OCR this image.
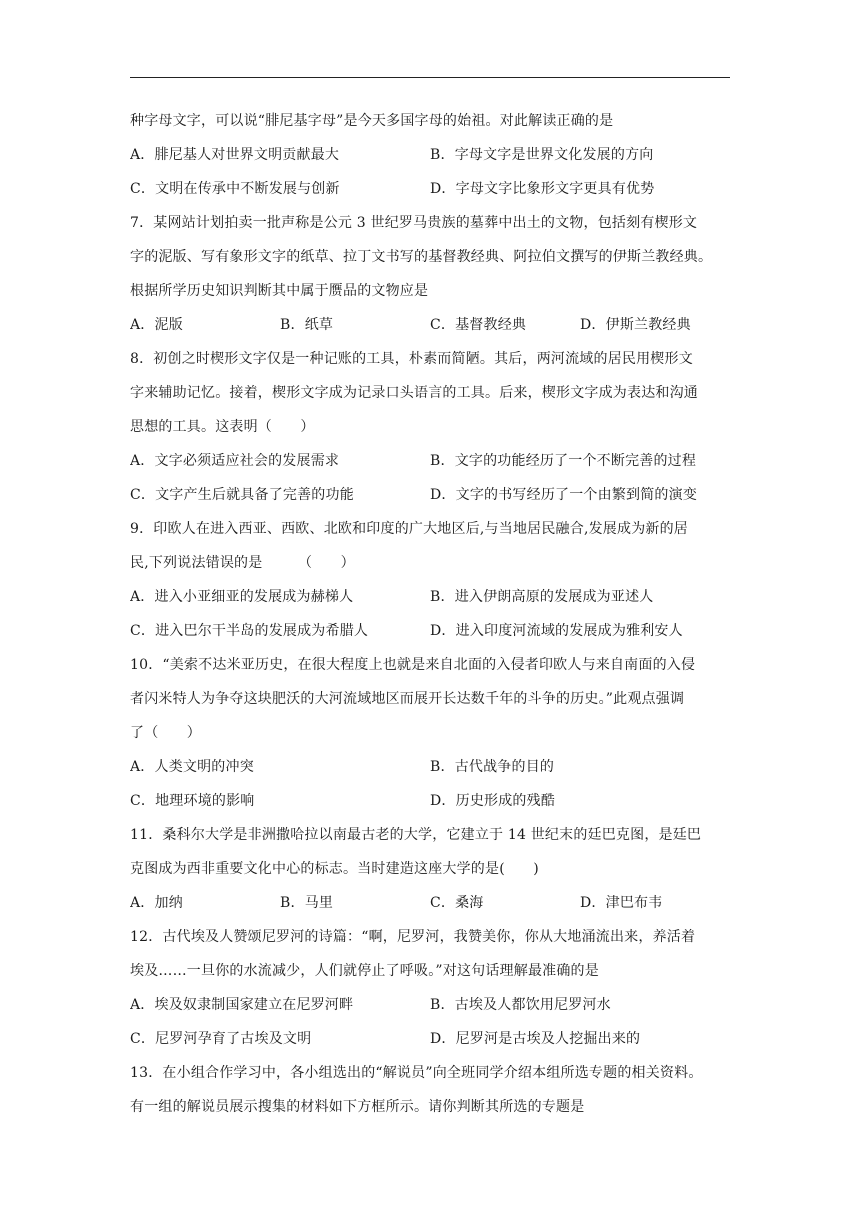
种字母文字，可以说“腓尼基字母”是今天多国字母的始祖。对此解读正确的是
A．腓尼基人对世界文明贡献最大	B．字母文字是世界文化发展的方向
C．文明在传承中不断发展与创新	D．字母文字比象形文字更具有优势
7．某网站计划拍卖一批声称是公元 3 世纪罗马贵族的墓葬中出土的文物，包括刻有楔形文
字的泥版、写有象形文字的纸草、拉丁文书写的基督教经典、阿拉伯文撰写的伊斯兰教经典。
根据所学历史知识判断其中属于赝品的文物应是
A．泥版	B．纸草	C．基督教经典	D．伊斯兰教经典
8．初创之时楔形文字仅是一种记账的工具，朴素而简陋。其后，两河流域的居民用楔形文
字来辅助记忆。接着，楔形文字成为记录口头语言的工具。后来，楔形文字成为表达和沟通
思想的工具。这表明（　　）
A．文字必须适应社会的发展需求	B．文字的功能经历了一个不断完善的过程
C．文字产生后就具备了完善的功能	D．文字的书写经历了一个由繁到简的演变
9．印欧人在进入西亚、西欧、北欧和印度的广大地区后,与当地居民融合,发展成为新的居
民,下列说法错误的是　　　（　　）
A．进入小亚细亚的发展成为赫梯人	B．进入伊朗高原的发展成为亚述人
C．进入巴尔干半岛的发展成为希腊人	D．进入印度河流域的发展成为雅利安人
10．“美索不达米亚历史，在很大程度上也就是来自北面的入侵者印欧人与来自南面的入侵
者闪米特人为争夺这块肥沃的大河流域地区而展开长达数千年的斗争的历史。”此观点强调
了（　　）
A．人类文明的冲突	B．古代战争的目的
C．地理环境的影响	D．历史形成的残酷
11．桑科尔大学是非洲撒哈拉以南最古老的大学，它建立于 14 世纪末的廷巴克图，是廷巴
克图成为西非重要文化中心的标志。当时建造这座大学的是(　　)
A．加纳	B．马里	C．桑海	D．津巴布韦
12．古代埃及人赞颂尼罗河的诗篇：“啊，尼罗河，我赞美你，你从大地涌流出来，养活着
埃及……一旦你的水流减少，人们就停止了呼吸。”对这句话理解最准确的是
A．埃及奴隶制国家建立在尼罗河畔	B．古埃及人都饮用尼罗河水
C．尼罗河孕育了古埃及文明	D．尼罗河是古埃及人挖掘出来的
13．在小组合作学习中，各小组选出的“解说员”向全班同学介绍本组所选专题的相关资料。
有一组的解说员展示搜集的材料如下方框所示。请你判断其所选的专题是
